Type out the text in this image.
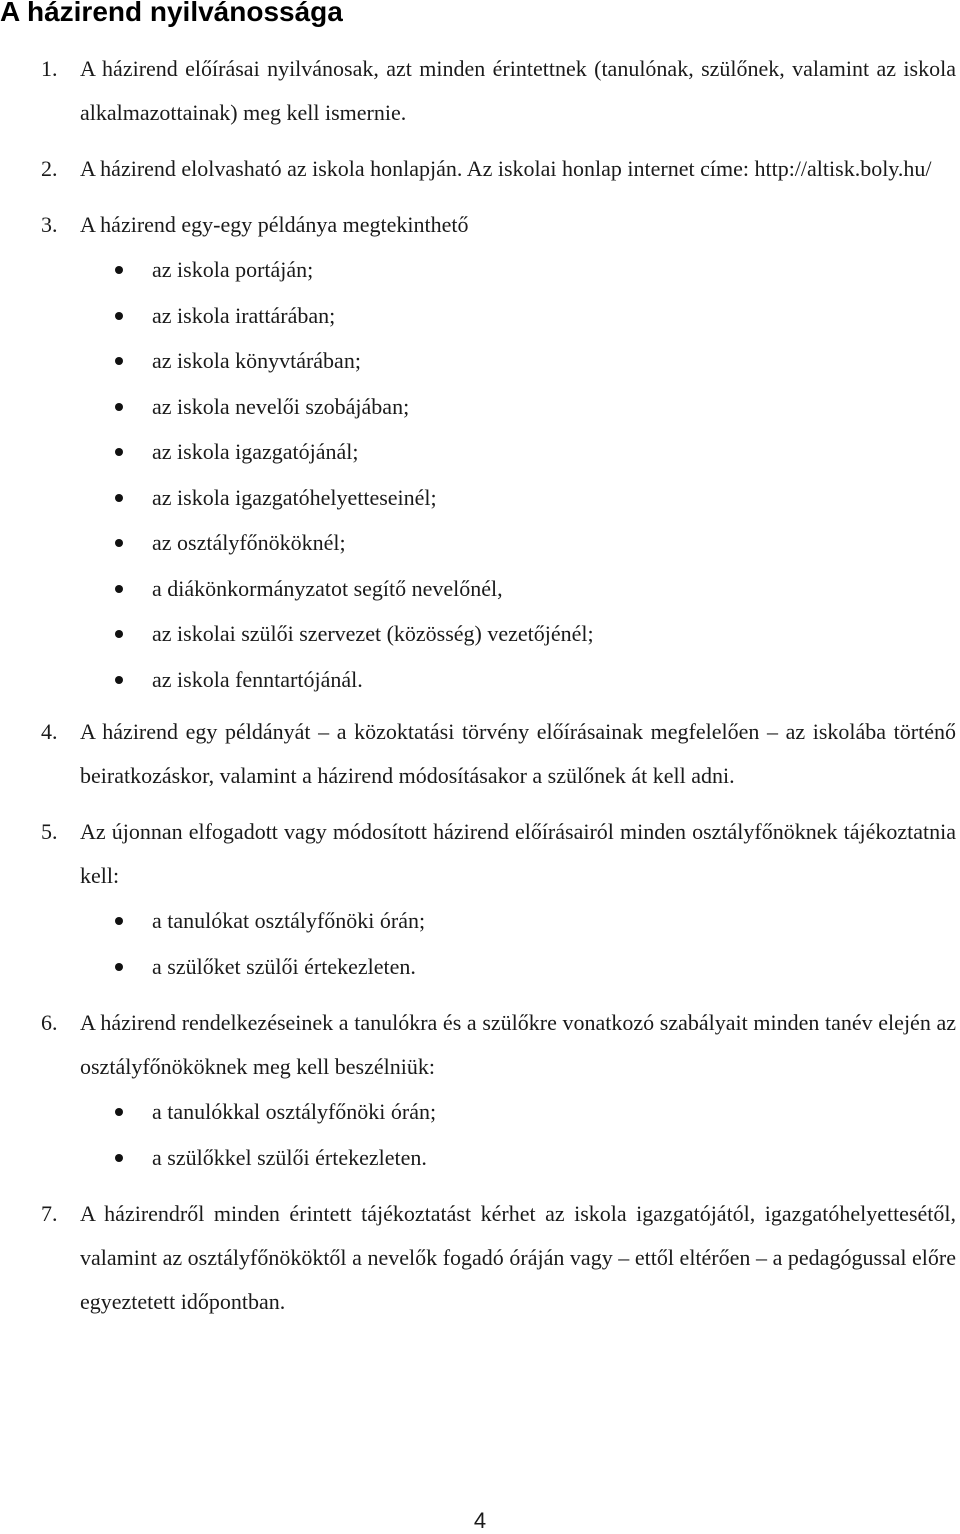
A házirend nyilvánossága
1.	A házirend előírásai nyilvánosak, azt minden érintettnek (tanulónak, szülőnek, valamint az iskola alkalmazottainak) meg kell ismernie.
2.	A házirend elolvasható az iskola honlapján. Az iskolai honlap internet címe: http://altisk.boly.hu/
3.	A házirend egy-egy példánya megtekinthető
az iskola portáján;
az iskola irattárában;
az iskola könyvtárában;
az iskola nevelői szobájában;
az iskola igazgatójánál;
az iskola igazgatóhelyetteseinél;
az osztályfőnököknél;
a diákönkormányzatot segítő nevelőnél,
az iskolai szülői szervezet (közösség) vezetőjénél;
az iskola fenntartójánál.
4.	A házirend egy példányát – a közoktatási törvény előírásainak megfelelően – az iskolába történő beiratkozáskor, valamint a házirend módosításakor a szülőnek át kell adni.
5.	Az újonnan elfogadott vagy módosított házirend előírásairól minden osztályfőnöknek tájékoztatnia kell:
a tanulókat osztályfőnöki órán;
a szülőket szülői értekezleten.
6.	A házirend rendelkezéseinek a tanulókra és a szülőkre vonatkozó szabályait minden tanév elején az osztályfőnököknek meg kell beszélniük:
a tanulókkal osztályfőnöki órán;
a szülőkkel szülői értekezleten.
7.	A házirendről minden érintett tájékoztatást kérhet az iskola igazgatójától, igazgatóhelyettesétől, valamint az osztályfőnököktől a nevelők fogadó óráján vagy – ettől eltérően – a pedagógussal előre egyeztetett időpontban.
4
